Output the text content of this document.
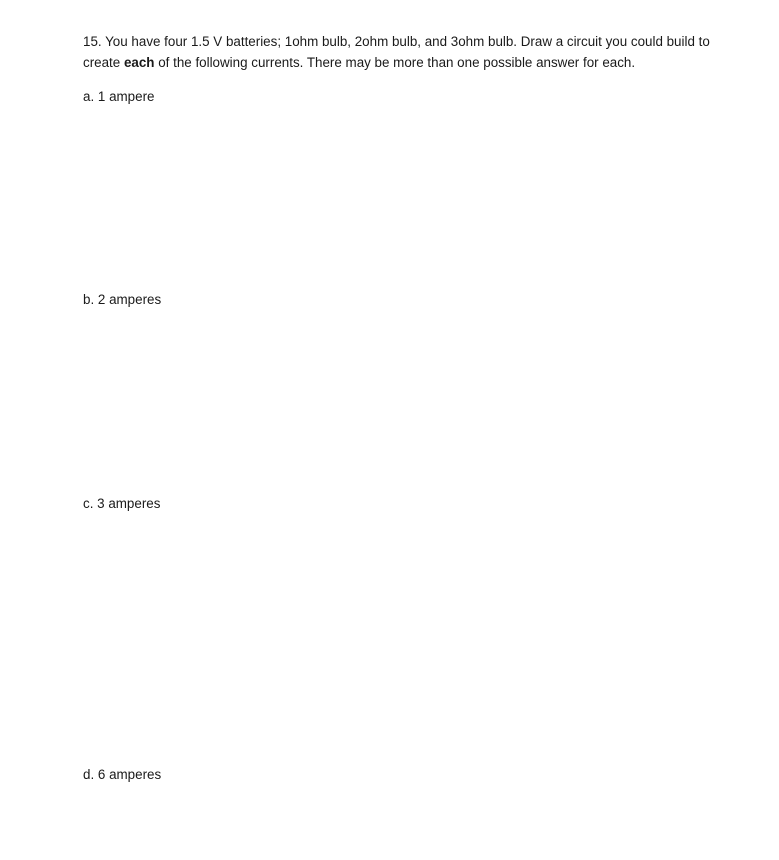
15. You have four 1.5 V batteries; 1ohm bulb, 2ohm bulb, and 3ohm bulb. Draw a circuit you could build to create each of the following currents. There may be more than one possible answer for each.
a. 1 ampere
b. 2 amperes
c. 3 amperes
d. 6 amperes
